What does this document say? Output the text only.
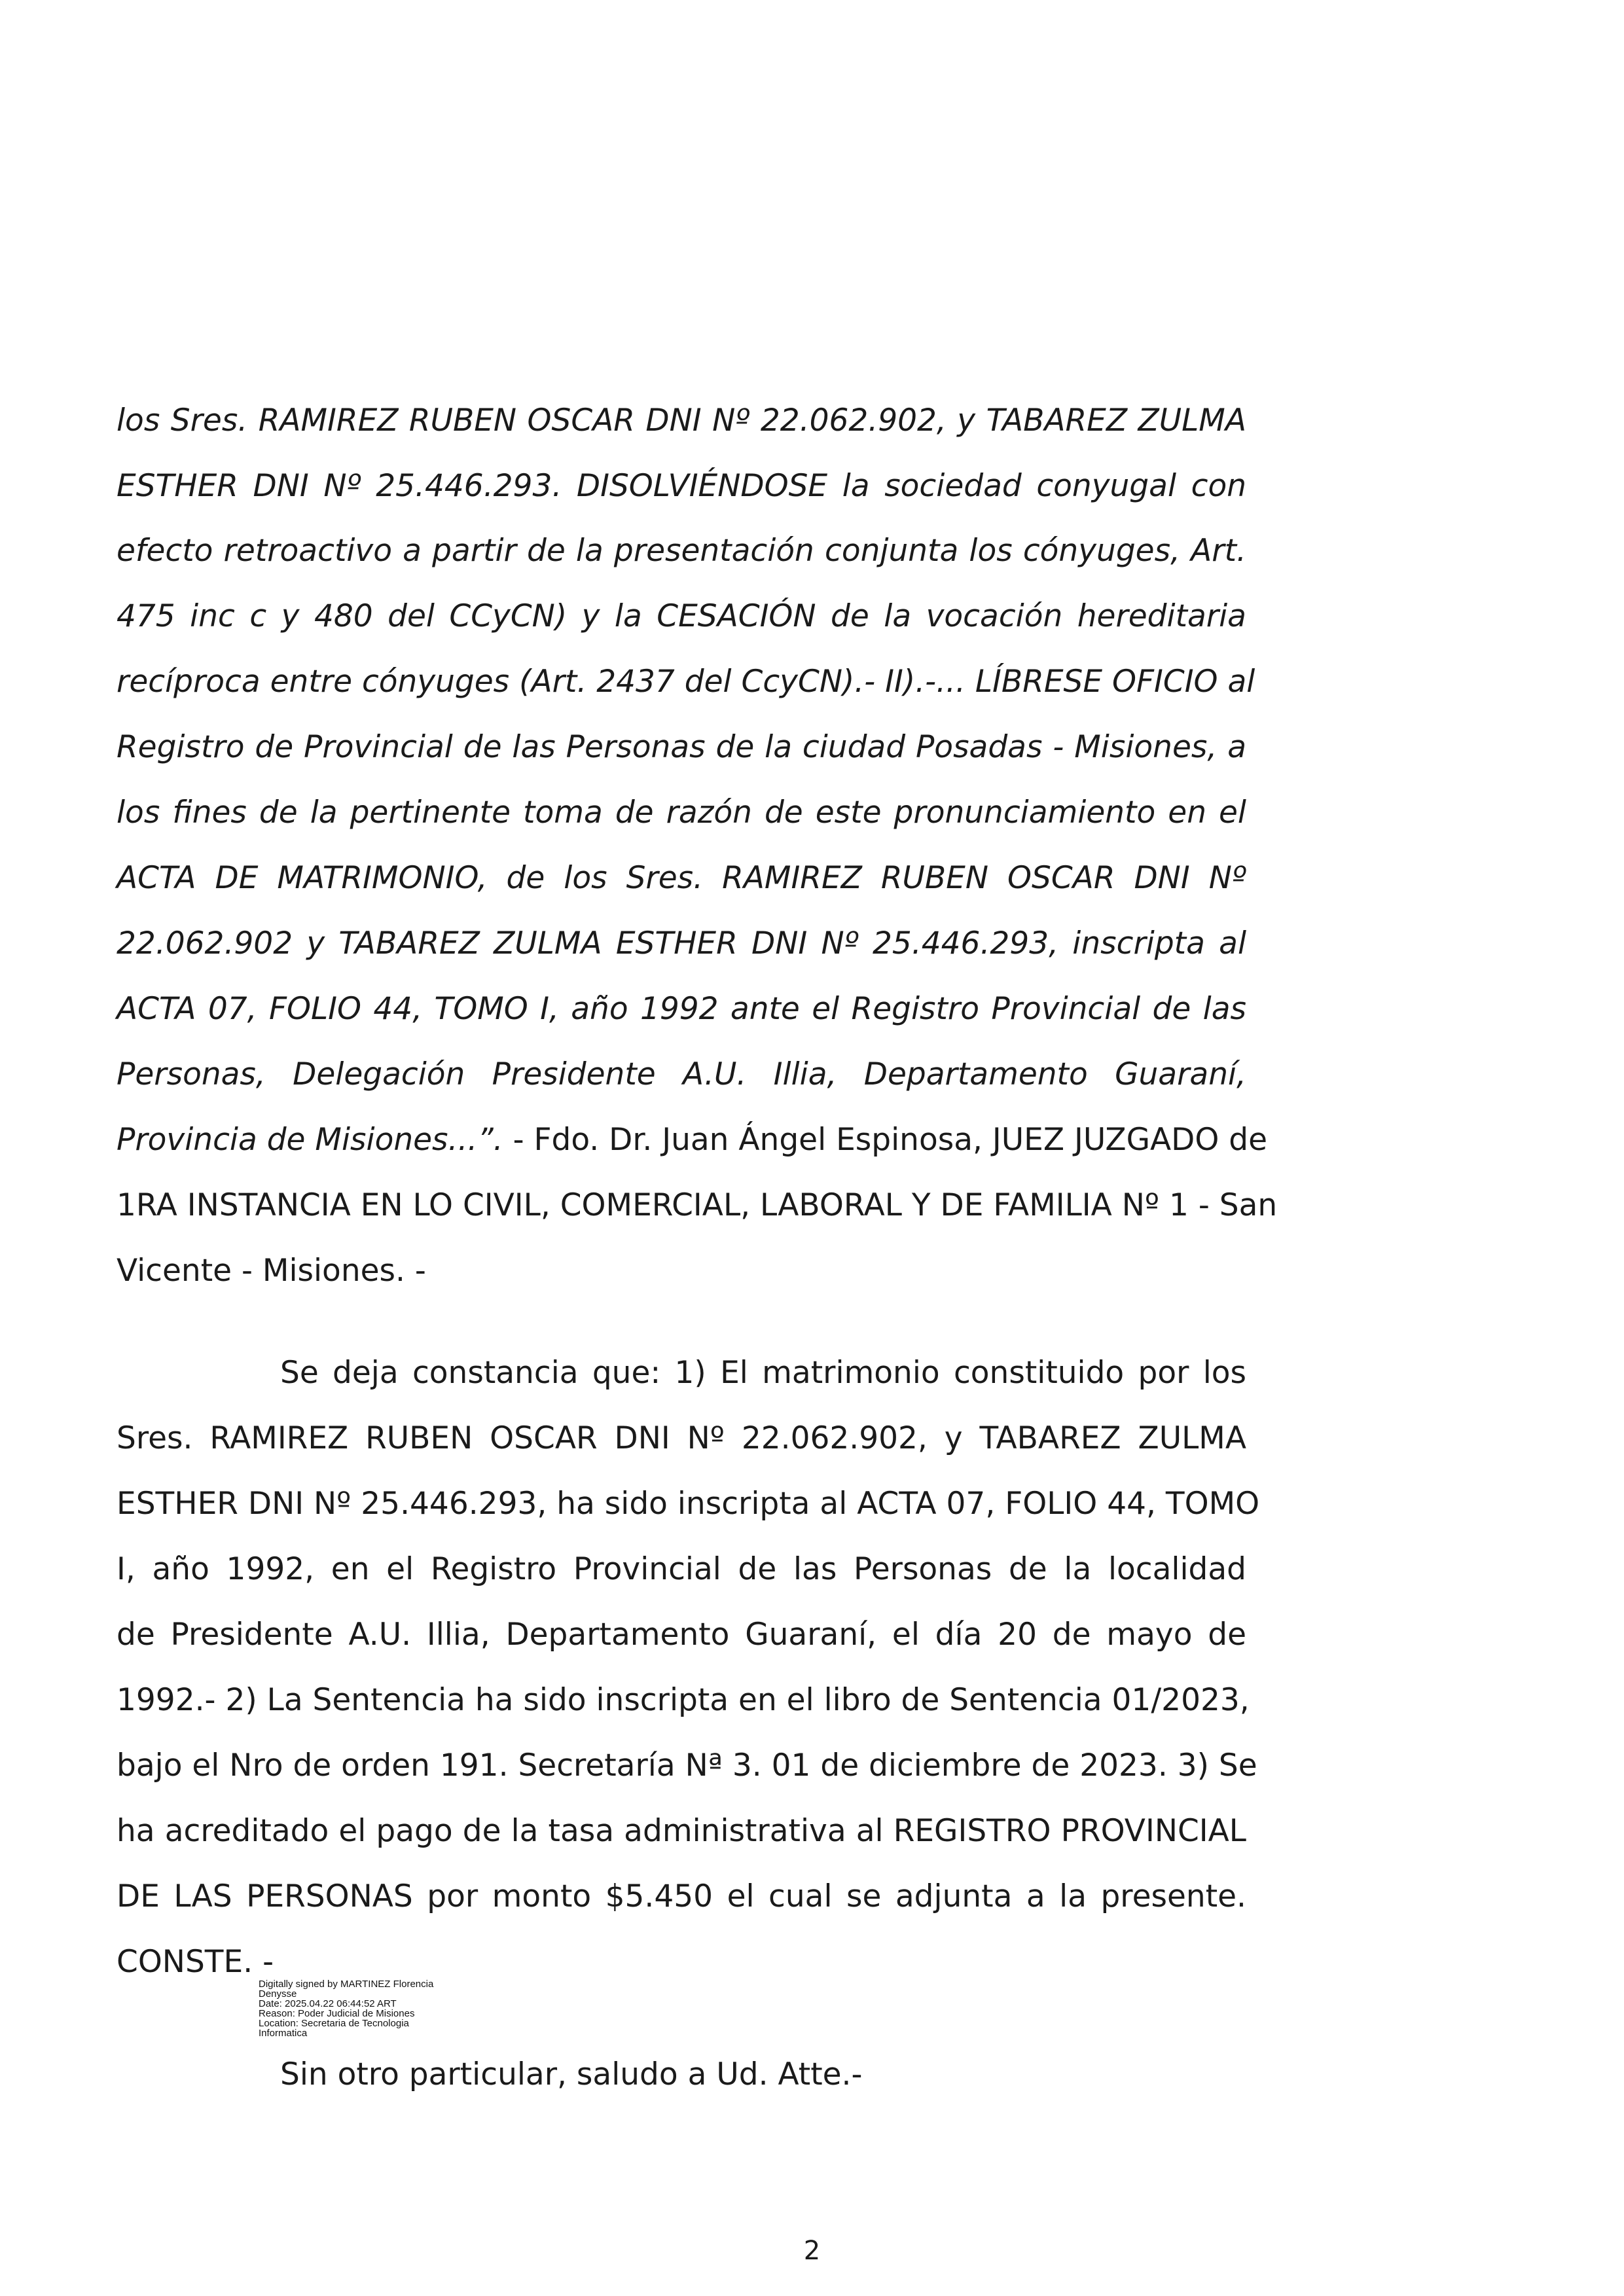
los Sres. RAMIREZ RUBEN OSCAR DNI Nº 22.062.902, y TABAREZ ZULMA
ESTHER DNI Nº 25.446.293. DISOLVIÉNDOSE la sociedad conyugal con
efecto retroactivo a partir de la presentación conjunta los cónyuges, Art.
475 inc c y 480 del CCyCN) y la CESACIÓN de la vocación hereditaria
recíproca entre cónyuges (Art. 2437 del CcyCN).- II).-... LÍBRESE OFICIO al
Registro de Provincial de las Personas de la ciudad Posadas - Misiones, a
los fines de la pertinente toma de razón de este pronunciamiento en el
ACTA DE MATRIMONIO, de los Sres. RAMIREZ RUBEN OSCAR DNI Nº
22.062.902 y TABAREZ ZULMA ESTHER DNI Nº 25.446.293, inscripta al
ACTA 07, FOLIO 44, TOMO I, año 1992 ante el Registro Provincial de las
Personas, Delegación Presidente A.U. Illia, Departamento Guaraní,
Provincia de Misiones...”. - Fdo. Dr. Juan Ángel Espinosa, JUEZ JUZGADO de
1RA INSTANCIA EN LO CIVIL, COMERCIAL, LABORAL Y DE FAMILIA Nº 1 - San
Vicente - Misiones. -
Se deja constancia que: 1) El matrimonio constituido por los
Sres. RAMIREZ RUBEN OSCAR DNI Nº 22.062.902, y TABAREZ ZULMA
ESTHER DNI Nº 25.446.293, ha sido inscripta al ACTA 07, FOLIO 44, TOMO
I, año 1992, en el Registro Provincial de las Personas de la localidad
de Presidente A.U. Illia, Departamento Guaraní, el día 20 de mayo de
1992.- 2) La Sentencia ha sido inscripta en el libro de Sentencia 01/2023,
bajo el Nro de orden 191. Secretaría Nª 3. 01 de diciembre de 2023. 3) Se
ha acreditado el pago de la tasa administrativa al REGISTRO PROVINCIAL
DE LAS PERSONAS por monto $5.450 el cual se adjunta a la presente.
CONSTE. -
Digitally signed by MARTINEZ Florencia
Denysse
Date: 2025.04.22 06:44:52 ART
Reason: Poder Judicial de Misiones
Location: Secretaria de Tecnologia
Informatica
Sin otro particular, saludo a Ud. Atte.-
2
